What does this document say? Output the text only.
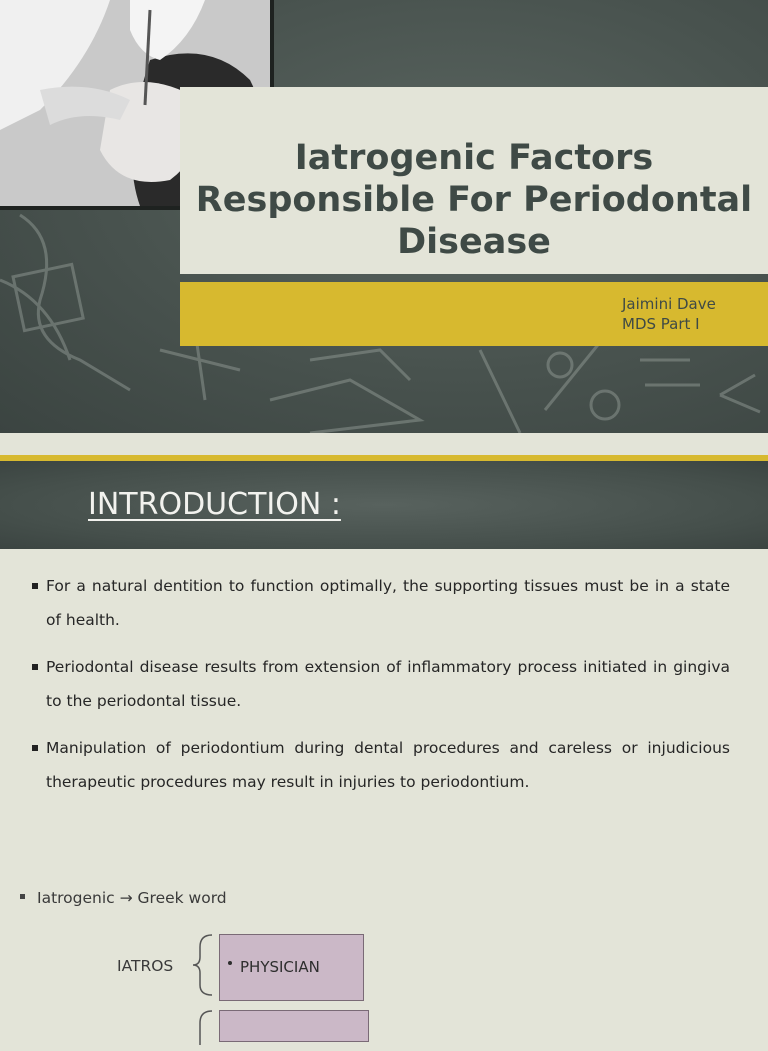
Iatrogenic Factors Responsible For Periodontal Disease
Jaimini Dave
MDS Part I
INTRODUCTION :
For a natural dentition to function optimally, the supporting tissues must be in a state of health.
Periodontal disease results from extension of inflammatory process initiated in gingiva to the periodontal tissue.
Manipulation of periodontium during dental procedures and careless or injudicious therapeutic procedures may result in injuries to periodontium.
Iatrogenic → Greek word
IATROS	PHYSICIAN
